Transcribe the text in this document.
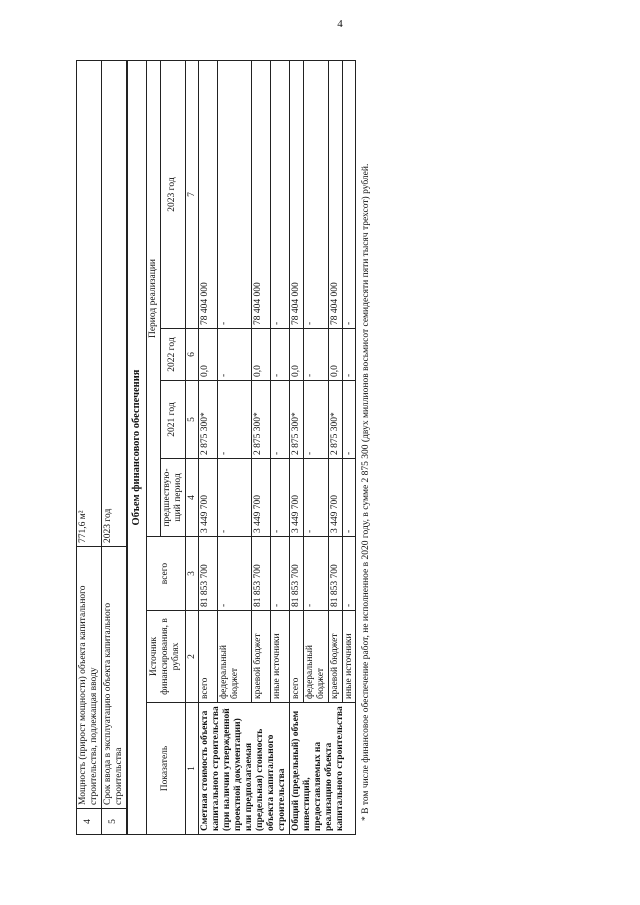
4
4	Мощность (прирост мощности) объекта капитального строительства, подлежащая вводу	771,6 м²
5	Срок ввода в эксплуатацию объекта капитального строительства	2023 год
Объем финансового обеспечения						
Показатель	Источник финансирования, в рублях	всего	Период реализации			
			предшествую-щий период	2021 год	2022 год	2023 год
1	2	3	4	5	6	7
Сметная стоимость объекта капитального строительства (при наличии утвержденной проектной документации) или предполагаемая (предельная) стоимость объекта капитального строительства	всего	81 853 700	3 449 700	2 875 300*	0,0	78 404 000
	федеральный бюджет	-	-	-	-	-
	краевой бюджет	81 853 700	3 449 700	2 875 300*	0,0	78 404 000
	иные источники	-	-	-	-	-
Общий (предельный) объем инвестиций, предоставляемых на реализацию объекта капитального строительства	всего	81 853 700	3 449 700	2 875 300*	0,0	78 404 000
	федеральный бюджет	-	-	-	-	-
	краевой бюджет	81 853 700	3 449 700	2 875 300*	0,0	78 404 000
	иные источники	-	-	-	-	- * В том числе финансовое обеспечение работ, не исполненное в 2020 году, в сумме 2 875 300 (двух миллионов восьмисот семидесяти пяти тысяч трехсот) рублей.
